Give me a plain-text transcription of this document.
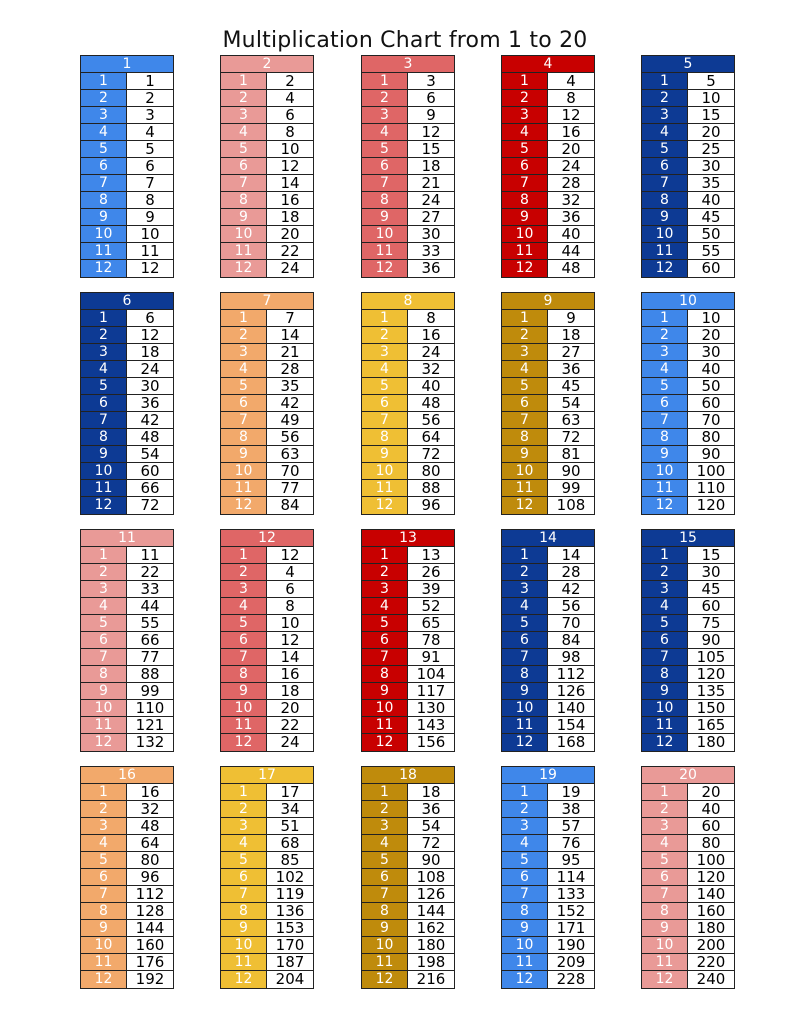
Multiplication Chart from 1 to 20
1
1	1
2	2
3	3
4	4
5	5
6	6
7	7
8	8
9	9
10	10
11	11
12	12
2
1	2
2	4
3	6
4	8
5	10
6	12
7	14
8	16
9	18
10	20
11	22
12	24
3
1	3
2	6
3	9
4	12
5	15
6	18
7	21
8	24
9	27
10	30
11	33
12	36
4
1	4
2	8
3	12
4	16
5	20
6	24
7	28
8	32
9	36
10	40
11	44
12	48
5
1	5
2	10
3	15
4	20
5	25
6	30
7	35
8	40
9	45
10	50
11	55
12	60
6
1	6
2	12
3	18
4	24
5	30
6	36
7	42
8	48
9	54
10	60
11	66
12	72
7
1	7
2	14
3	21
4	28
5	35
6	42
7	49
8	56
9	63
10	70
11	77
12	84
8
1	8
2	16
3	24
4	32
5	40
6	48
7	56
8	64
9	72
10	80
11	88
12	96
9
1	9
2	18
3	27
4	36
5	45
6	54
7	63
8	72
9	81
10	90
11	99
12	108
10
1	10
2	20
3	30
4	40
5	50
6	60
7	70
8	80
9	90
10	100
11	110
12	120
11
1	11
2	22
3	33
4	44
5	55
6	66
7	77
8	88
9	99
10	110
11	121
12	132
12
1	12
2	4
3	6
4	8
5	10
6	12
7	14
8	16
9	18
10	20
11	22
12	24
13
1	13
2	26
3	39
4	52
5	65
6	78
7	91
8	104
9	117
10	130
11	143
12	156
14
1	14
2	28
3	42
4	56
5	70
6	84
7	98
8	112
9	126
10	140
11	154
12	168
15
1	15
2	30
3	45
4	60
5	75
6	90
7	105
8	120
9	135
10	150
11	165
12	180
16
1	16
2	32
3	48
4	64
5	80
6	96
7	112
8	128
9	144
10	160
11	176
12	192
17
1	17
2	34
3	51
4	68
5	85
6	102
7	119
8	136
9	153
10	170
11	187
12	204
18
1	18
2	36
3	54
4	72
5	90
6	108
7	126
8	144
9	162
10	180
11	198
12	216
19
1	19
2	38
3	57
4	76
5	95
6	114
7	133
8	152
9	171
10	190
11	209
12	228
20
1	20
2	40
3	60
4	80
5	100
6	120
7	140
8	160
9	180
10	200
11	220
12	240
